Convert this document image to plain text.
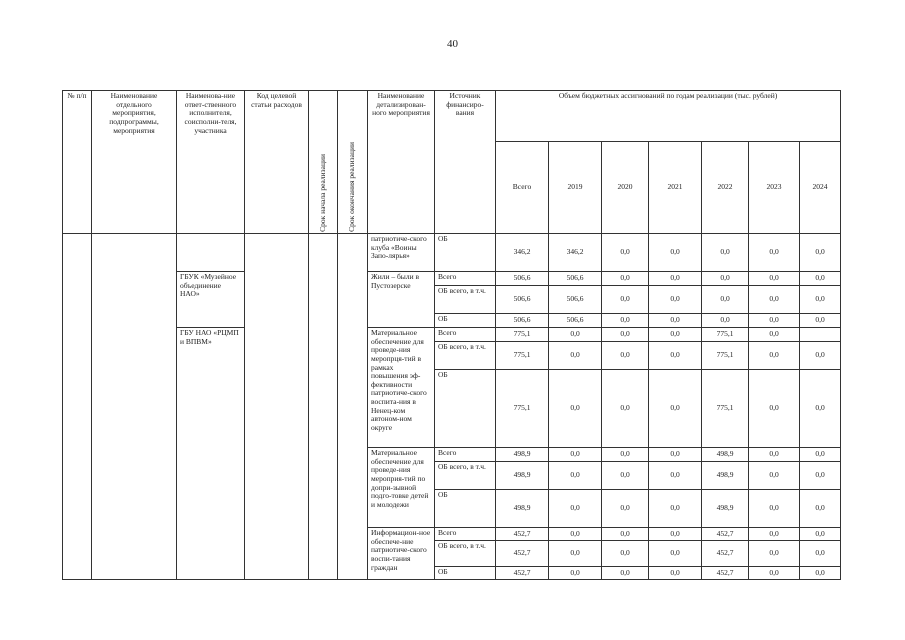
40
№ п/п	Наименование отдельного мероприятия, подпрограммы, мероприятия	Наименова-ние ответ-ственного исполнителя, соисполни-теля, участника	Код целевой статьи расходов	Срок начала реализации	Срок окончания реализации	Наименование детализирован-ного мероприятия	Источник финансиро-вания	Объем бюджетных ассигнований по годам реализации (тыс. рублей)						
								Всего	2019	2020	2021	2022	2023	2024
						патриотиче-ского клуба «Воины Запо-лярья»	ОБ	346,2	346,2	0,0	0,0	0,0	0,0	0,0
		ГБУК «Музейное объединение НАО»				Жили – были в Пустозерске	Всего	506,6	506,6	0,0	0,0	0,0	0,0	0,0
							ОБ всего, в т.ч.	506,6	506,6	0,0	0,0	0,0	0,0	0,0
							ОБ	506,6	506,6	0,0	0,0	0,0	0,0	0,0
		ГБУ НАО «РЦМП и ВПВМ»				Материальное обеспечение для проведе-ния меропрця-тий в рамках повышения эф-фективности патриотиче-ского воспита-ния в Ненец-ком автоном-ном округе	Всего	775,1	0,0	0,0	0,0	775,1	0,0	
							ОБ всего, в т.ч.	775,1	0,0	0,0	0,0	775,1	0,0	0,0
							ОБ	775,1	0,0	0,0	0,0	775,1	0,0	0,0
						Материальное обеспечение для проведе-ния мероприя-тий по допри-зывной подго-товке детей и молодежи	Всего	498,9	0,0	0,0	0,0	498,9	0,0	0,0
							ОБ всего, в т.ч.	498,9	0,0	0,0	0,0	498,9	0,0	0,0
							ОБ	498,9	0,0	0,0	0,0	498,9	0,0	0,0
						Информацион-ное обеспече-ние патриотиче-ского воспи-тания граждан	Всего	452,7	0,0	0,0	0,0	452,7	0,0	0,0
							ОБ всего, в т.ч.	452,7	0,0	0,0	0,0	452,7	0,0	0,0
							ОБ	452,7	0,0	0,0	0,0	452,7	0,0	0,0
